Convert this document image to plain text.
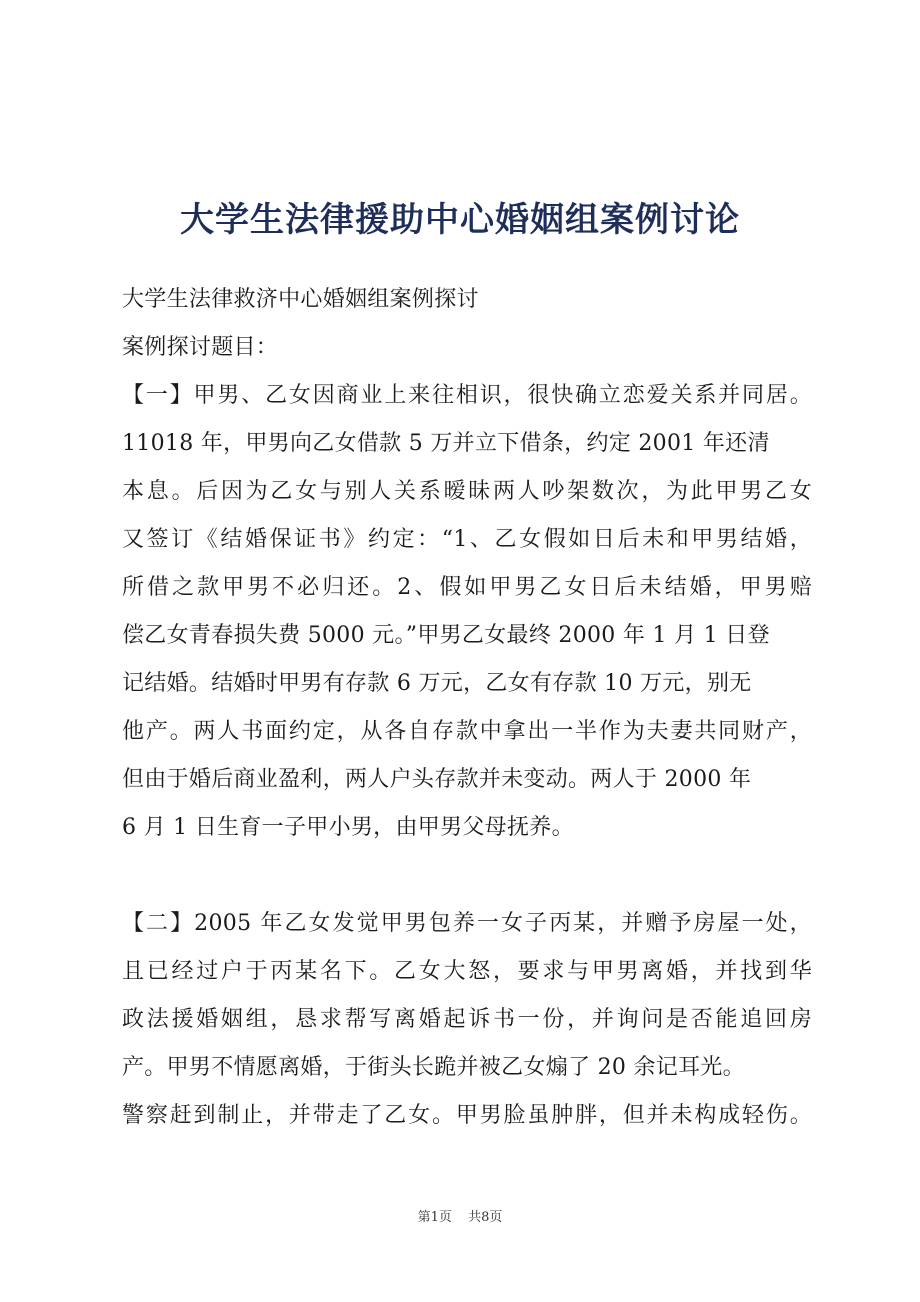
大学生法律援助中心婚姻组案例讨论
大学生法律救济中心婚姻组案例探讨
案例探讨题目：
【一】甲男、乙女因商业上来往相识，很快确立恋爱关系并同居。
11018 年，甲男向乙女借款 5 万并立下借条，约定 2001 年还清
本息。后因为乙女与别人关系暧昧两人吵架数次，为此甲男乙女
又签订《结婚保证书》约定：“1、乙女假如日后未和甲男结婚，
所借之款甲男不必归还。2、假如甲男乙女日后未结婚，甲男赔
偿乙女青春损失费 5000 元。”甲男乙女最终 2000 年 1 月 1 日登
记结婚。结婚时甲男有存款 6 万元，乙女有存款 10 万元，别无
他产。两人书面约定，从各自存款中拿出一半作为夫妻共同财产，
但由于婚后商业盈利，两人户头存款并未变动。两人于 2000 年
6 月 1 日生育一子甲小男，由甲男父母抚养。
【二】2005 年乙女发觉甲男包养一女子丙某，并赠予房屋一处，
且已经过户于丙某名下。乙女大怒，要求与甲男离婚，并找到华
政法援婚姻组，恳求帮写离婚起诉书一份，并询问是否能追回房
产。甲男不情愿离婚，于街头长跪并被乙女煽了 20 余记耳光。
警察赶到制止，并带走了乙女。甲男脸虽肿胖，但并未构成轻伤。
第1页 共8页
